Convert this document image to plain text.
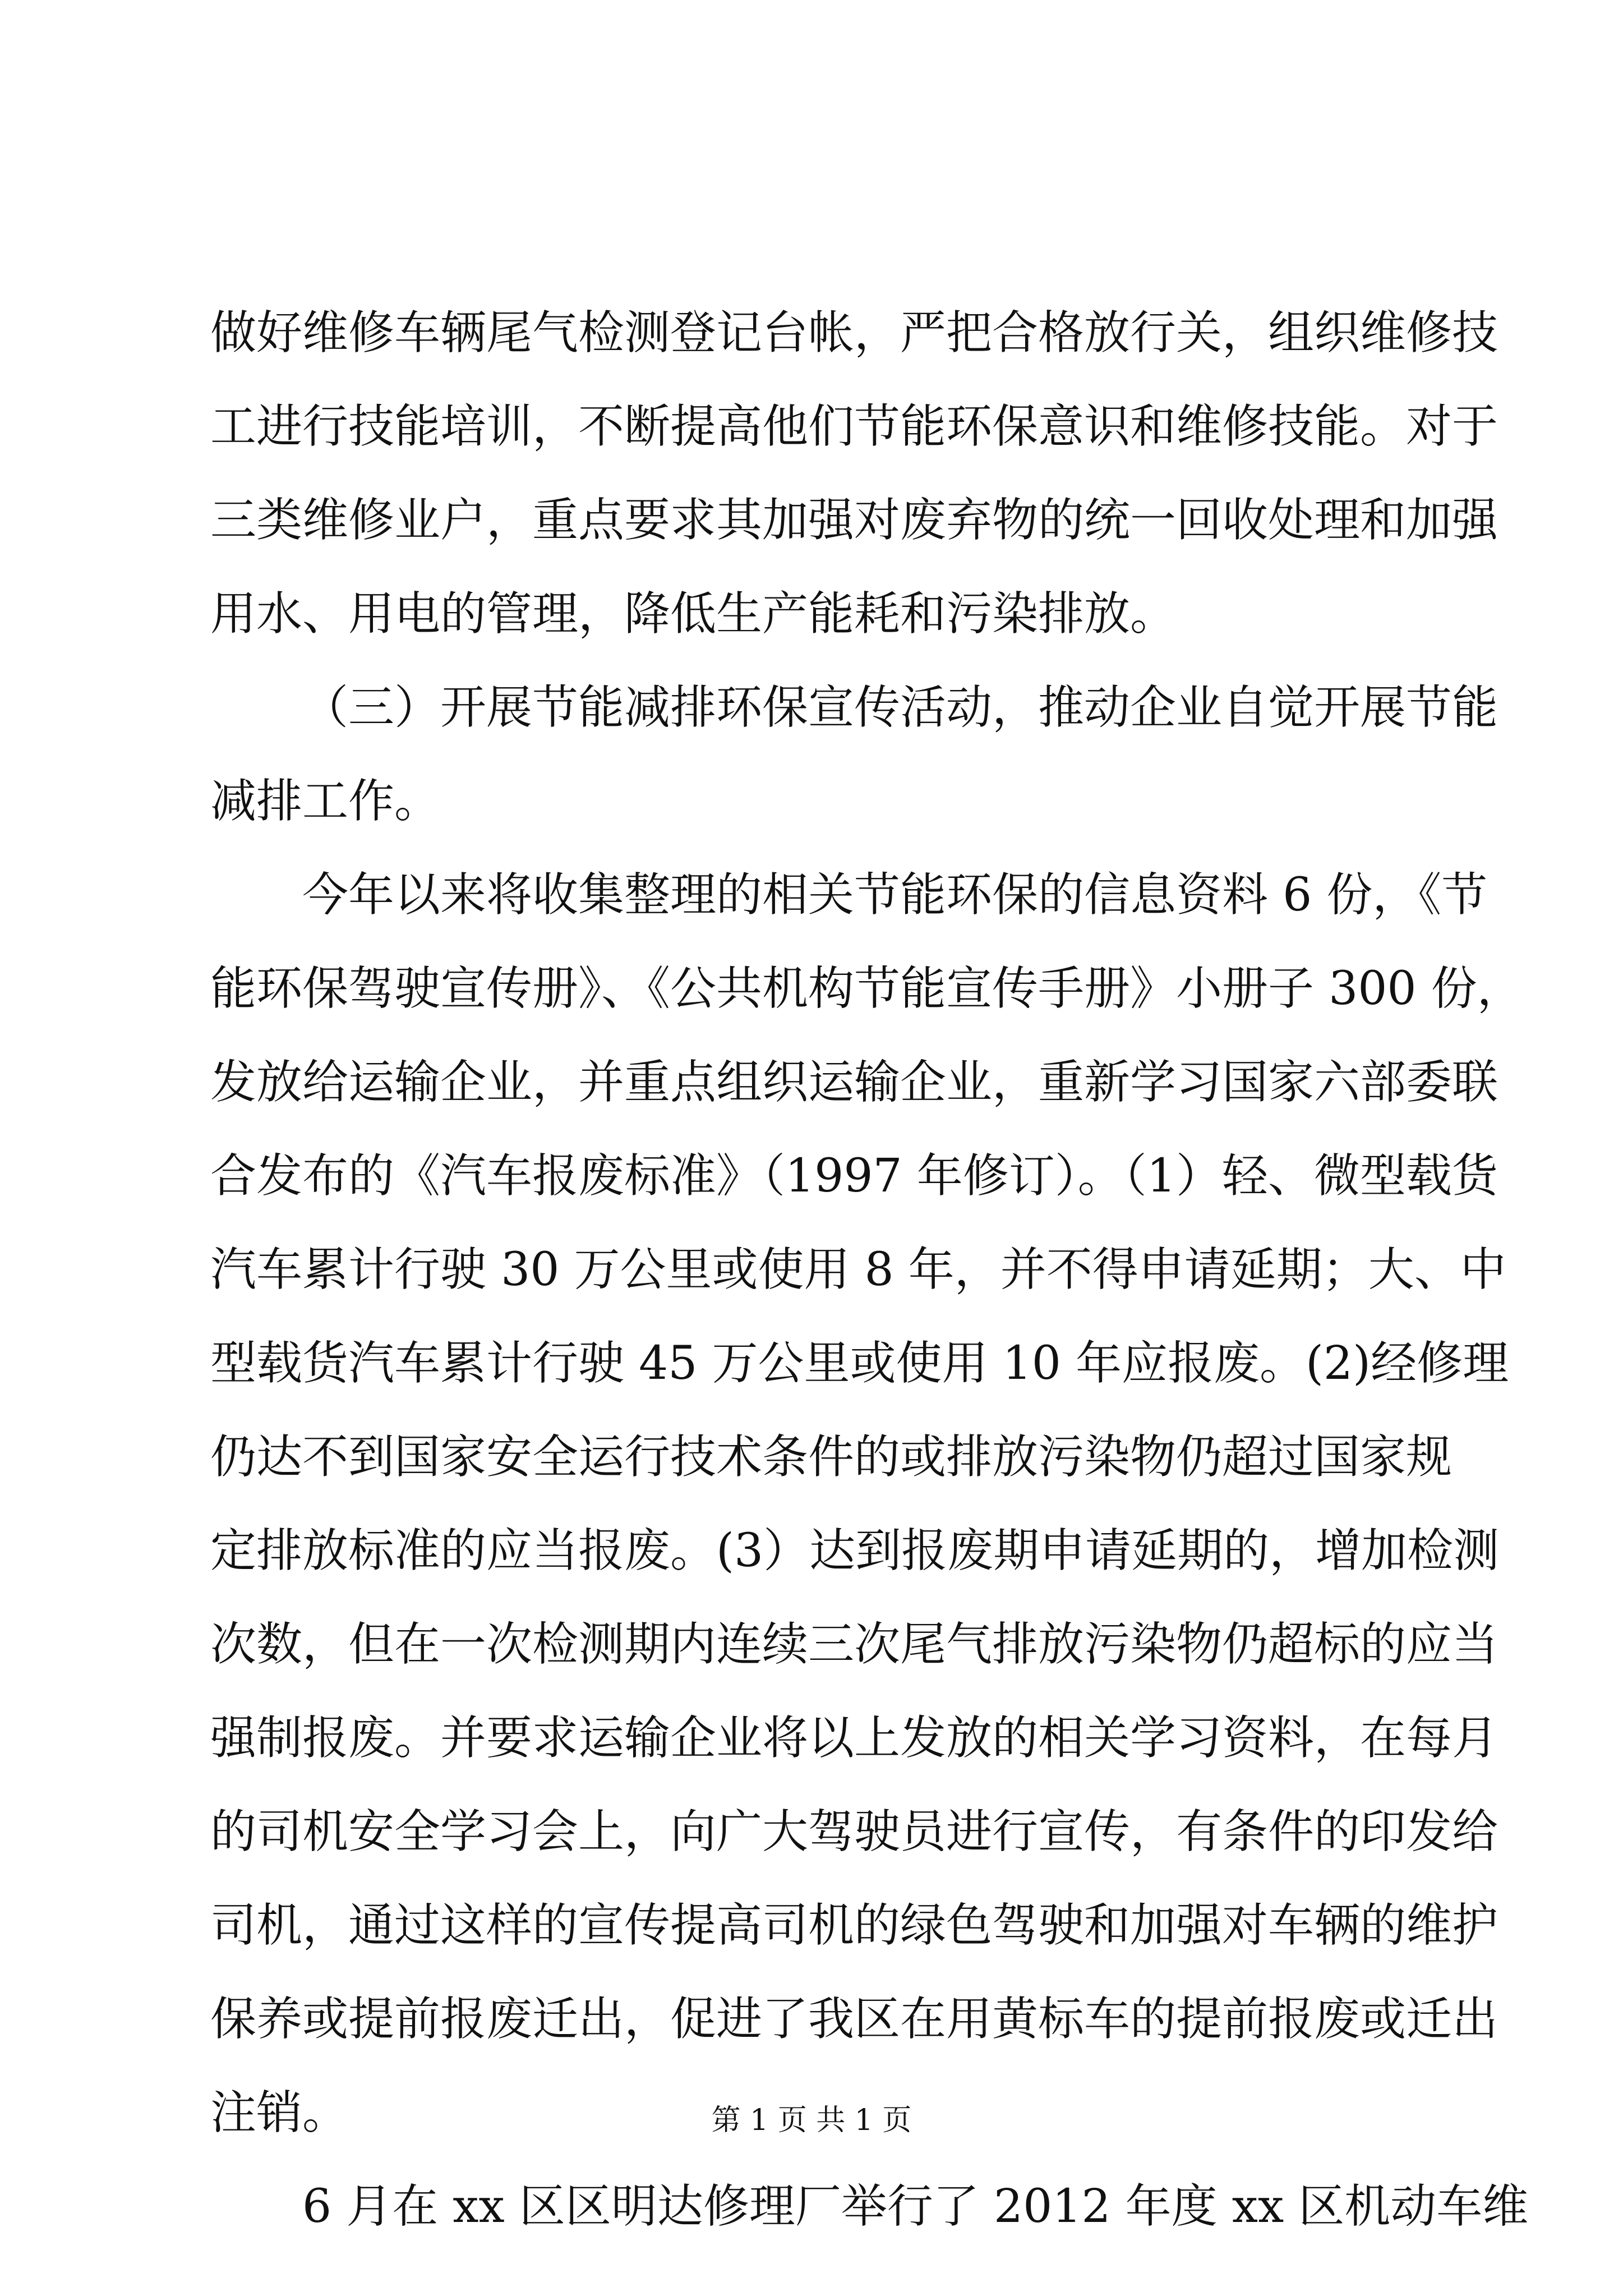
做好维修车辆尾气检测登记台帐，严把合格放行关，组织维修技
工进行技能培训，不断提高他们节能环保意识和维修技能。对于
三类维修业户，重点要求其加强对废弃物的统一回收处理和加强
用水、用电的管理，降低生产能耗和污染排放。
（三）开展节能减排环保宣传活动，推动企业自觉开展节能
减排工作。
今年以来将收集整理的相关节能环保的信息资料 6 份，《节
能环保驾驶宣传册》、《公共机构节能宣传手册》小册子 300 份，
发放给运输企业，并重点组织运输企业，重新学习国家六部委联
合发布的《汽车报废标准》（1997 年修订）。（1）轻、微型载货
汽车累计行驶 30 万公里或使用 8 年，并不得申请延期；大、中
型载货汽车累计行驶 45 万公里或使用 10 年应报废。(2)经修理
仍达不到国家安全运行技术条件的或排放污染物仍超过国家规
定排放标准的应当报废。(3）达到报废期申请延期的，增加检测
次数，但在一次检测期内连续三次尾气排放污染物仍超标的应当
强制报废。并要求运输企业将以上发放的相关学习资料，在每月
的司机安全学习会上，向广大驾驶员进行宣传，有条件的印发给
司机，通过这样的宣传提高司机的绿色驾驶和加强对车辆的维护
保养或提前报废迁出，促进了我区在用黄标车的提前报废或迁出
注销。
6 月在 xx 区区明达修理厂举行了 2012 年度 xx 区机动车维
第 1 页 共 1 页
